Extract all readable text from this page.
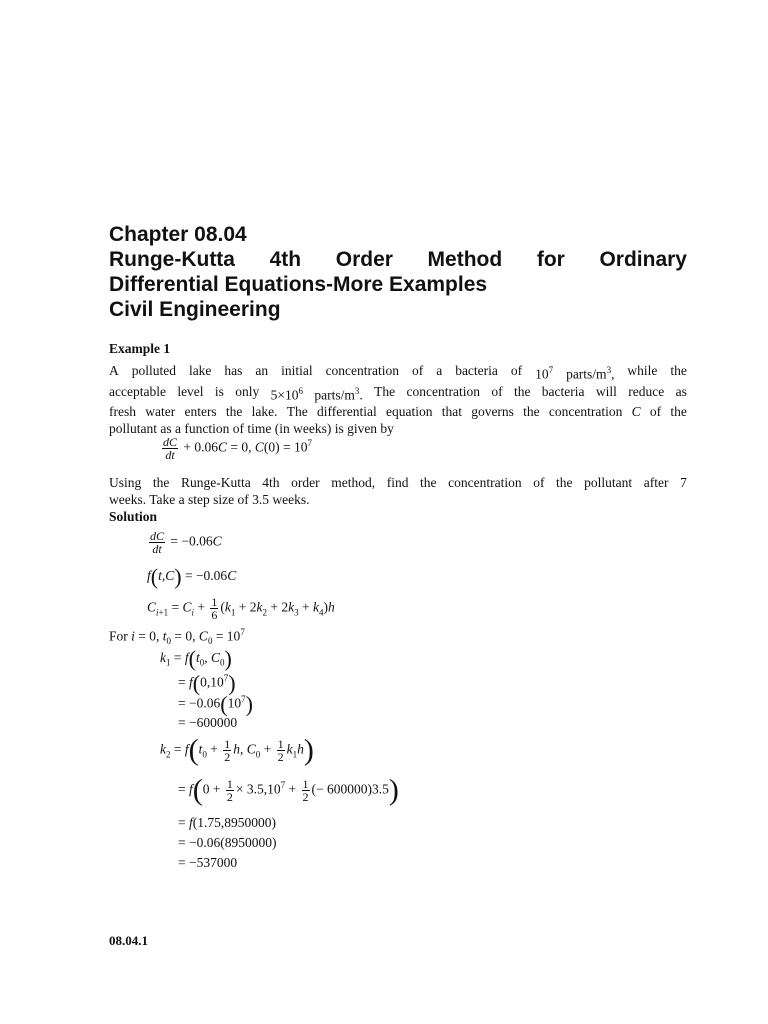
Chapter 08.04
Runge-Kutta 4th Order Method for Ordinary
Differential Equations-More Examples
Civil Engineering
Example 1
A polluted lake has an initial concentration of a bacteria of $10^7$ parts/$m^3$, while the
acceptable level is only $5\times 10^6$ parts/$m^3$. The concentration of the bacteria will reduce as
fresh water enters the lake. The differential equation that governs the concentration C of the
pollutant as a function of time (in weeks) is given by
$\frac{dC}{dt} + 0.06C = 0$, $C(0) = 10^7$
Using the Runge-Kutta 4th order method, find the concentration of the pollutant after 7
weeks. Take a step size of 3.5 weeks.
Solution
$\frac{dC}{dt} = -0.06C$
f(t,C) = −0.06C
$C_{i+1} = C_i + \frac{1}{6} (k_1 + 2k_2 + 2k_3 + k_4)h$
For i = 0, $t_0 = 0$, $C_0 = 10^7$
$k_1 = f(t_0$, $C_0$)
= $f(0,10^7)$
= $-0.06(10^7)$
= −600000
$k_2 = f(t_0 + \frac{1}{2} h$, $C_0 + \frac{1}{2} k_1h$)
= $f(0 + \frac{1}{2} \times 3.5,10^7 + \frac{1}{2}$ (− 600000)3.5)
= f(1.75,8950000)
= −0.06(8950000)
= −537000
08.04.1
